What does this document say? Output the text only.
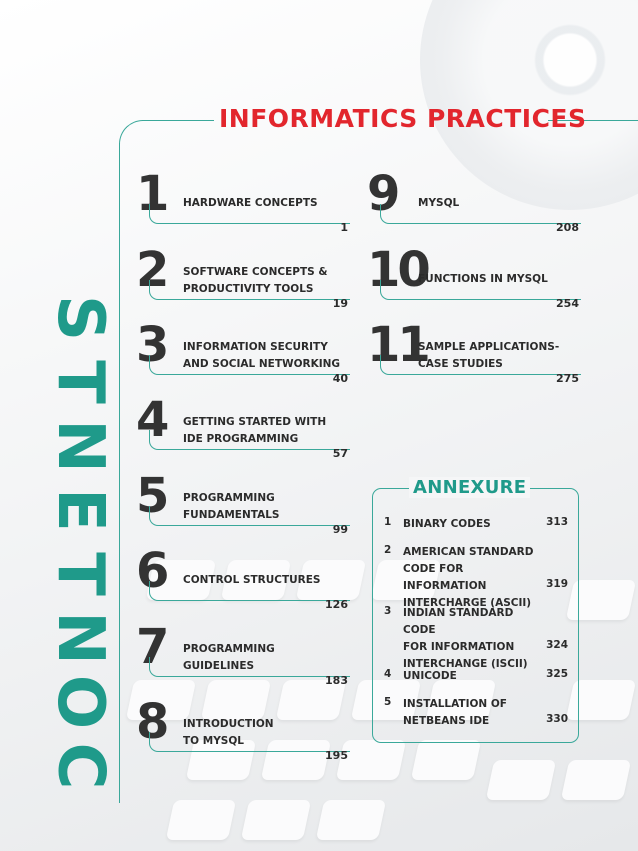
S
T
N
E
T
N
O
C
INFORMATICS PRACTICES
1 HARDWARE CONCEPTS
1
2 SOFTWARE CONCEPTS &
PRODUCTIVITY TOOLS
19
3 INFORMATION SECURITY
AND SOCIAL NETWORKING
40
4 GETTING STARTED WITH
IDE PROGRAMMING
57
5 PROGRAMMING
FUNDAMENTALS
99
6 CONTROL STRUCTURES
126
7 PROGRAMMING
GUIDELINES
183
8 INTRODUCTION
TO MYSQL
195
9 MYSQL
208
10
FUNCTIONS IN MYSQL
254
11
SAMPLE APPLICATIONS-
CASE STUDIES
275
ANNEXURE
1 BINARY CODES	313
2 AMERICAN STANDARD
CODE FOR INFORMATION
INTERCHARGE (ASCII)
319
3 INDIAN STANDARD CODE
FOR INFORMATION
INTERCHANGE (ISCII)
324
4 UNICODE	325
5 INSTALLATION OF
NETBEANS IDE	330
